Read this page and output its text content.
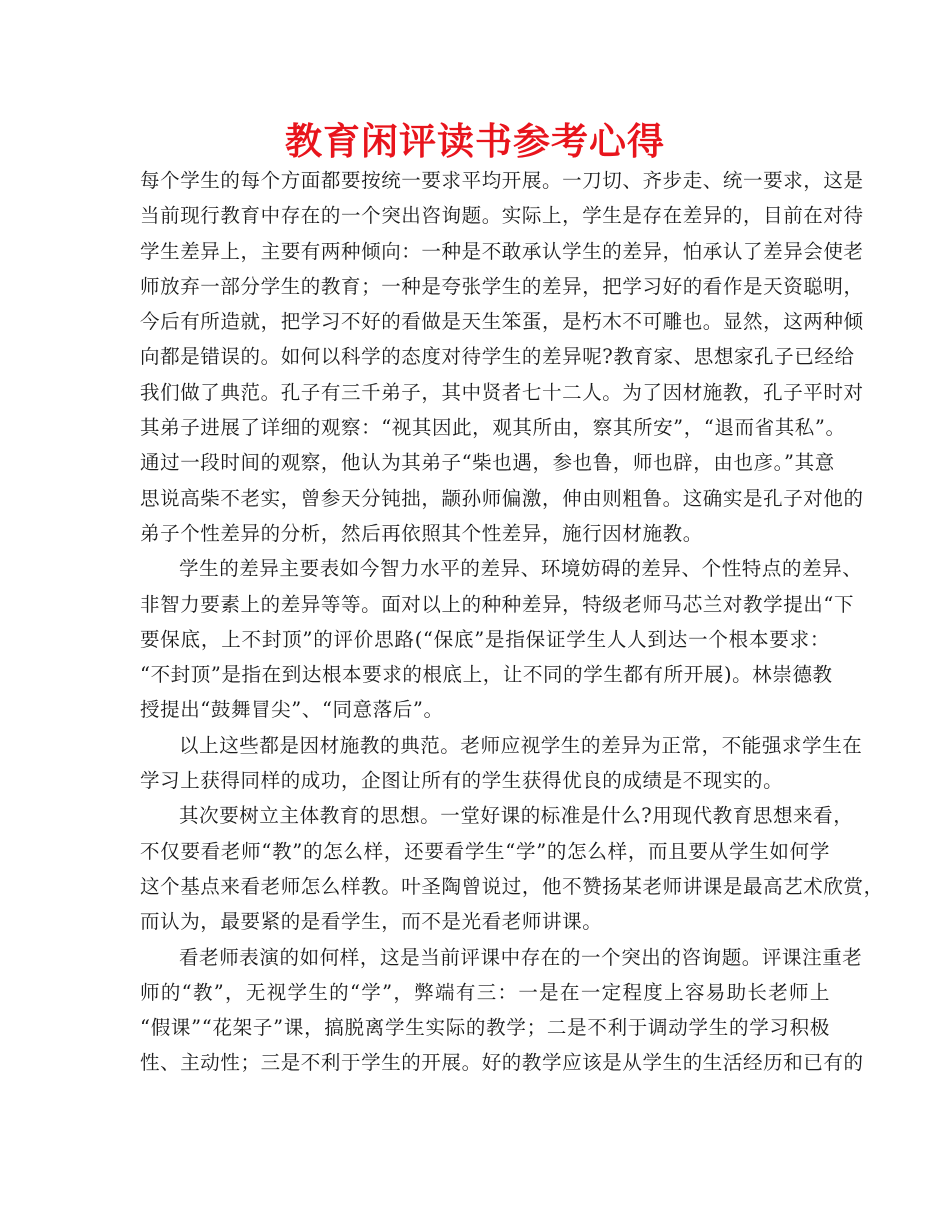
教育闲评读书参考心得
每个学生的每个方面都要按统一要求平均开展。一刀切、齐步走、统一要求，这是
当前现行教育中存在的一个突出咨询题。实际上，学生是存在差异的，目前在对待
学生差异上，主要有两种倾向：一种是不敢承认学生的差异，怕承认了差异会使老
师放弃一部分学生的教育；一种是夸张学生的差异，把学习好的看作是天资聪明，
今后有所造就，把学习不好的看做是天生笨蛋，是朽木不可雕也。显然，这两种倾
向都是错误的。如何以科学的态度对待学生的差异呢?教育家、思想家孔子已经给
我们做了典范。孔子有三千弟子，其中贤者七十二人。为了因材施教，孔子平时对
其弟子进展了详细的观察：“视其因此，观其所由，察其所安”，“退而省其私”。
通过一段时间的观察，他认为其弟子“柴也遇，参也鲁，师也辟，由也彦。”其意
思说高柴不老实，曾参天分钝拙，颛孙师偏激，伸由则粗鲁。这确实是孔子对他的
弟子个性差异的分析，然后再依照其个性差异，施行因材施教。
学生的差异主要表如今智力水平的差异、环境妨碍的差异、个性特点的差异、
非智力要素上的差异等等。面对以上的种种差异，特级老师马芯兰对教学提出“下
要保底，上不封顶”的评价思路(“保底”是指保证学生人人到达一个根本要求：
“不封顶”是指在到达根本要求的根底上，让不同的学生都有所开展)。林崇德教
授提出“鼓舞冒尖”、“同意落后”。
以上这些都是因材施教的典范。老师应视学生的差异为正常，不能强求学生在
学习上获得同样的成功，企图让所有的学生获得优良的成绩是不现实的。
其次要树立主体教育的思想。一堂好课的标准是什么?用现代教育思想来看，
不仅要看老师“教”的怎么样，还要看学生“学”的怎么样，而且要从学生如何学
这个基点来看老师怎么样教。叶圣陶曾说过，他不赞扬某老师讲课是最高艺术欣赏，
而认为，最要紧的是看学生，而不是光看老师讲课。
看老师表演的如何样，这是当前评课中存在的一个突出的咨询题。评课注重老
师的“教”，无视学生的“学”，弊端有三：一是在一定程度上容易助长老师上
“假课”“花架子”课，搞脱离学生实际的教学；二是不利于调动学生的学习积极
性、主动性；三是不利于学生的开展。好的教学应该是从学生的生活经历和已有的
